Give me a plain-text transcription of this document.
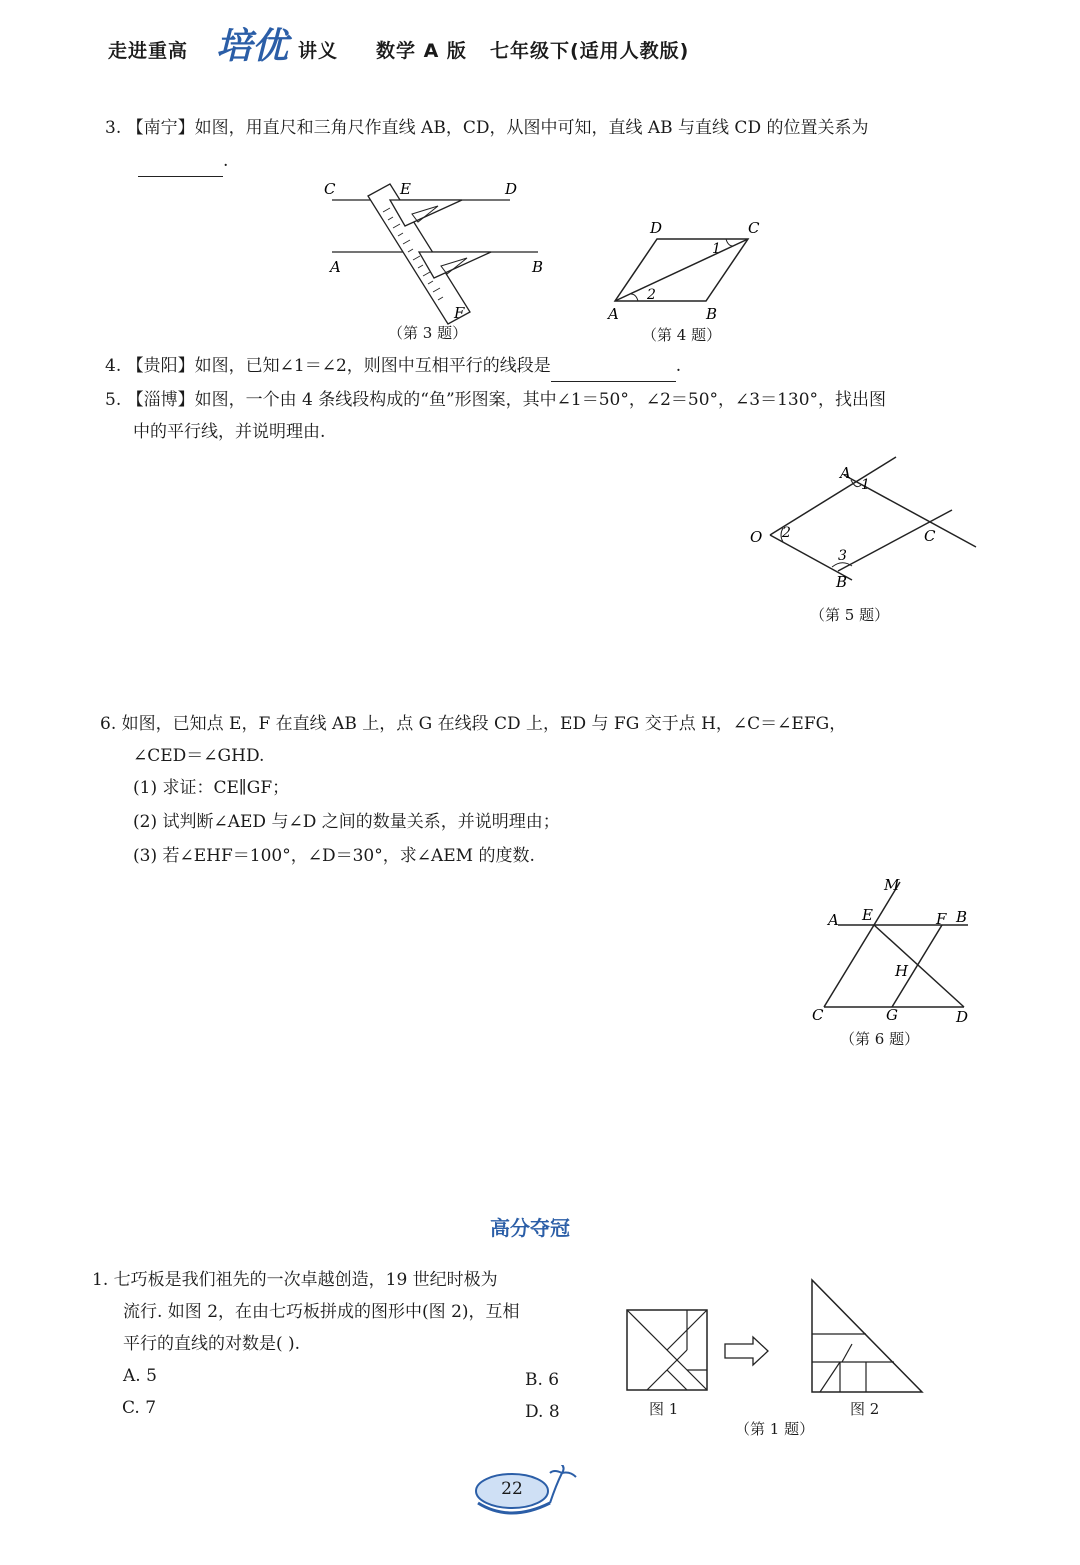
走进重高 培优 讲义 数学 A 版 七年级下(适用人教版)
3. 【南宁】如图，用直尺和三角尺作直线 AB，CD，从图中可知，直线 AB 与直线 CD 的位置关系为
.
C	E	D
A	B
F
（第 3 题）
D	C
A	B
1
2
（第 4 题）
4. 【贵阳】如图，已知∠1＝∠2，则图中互相平行的线段是	.
5. 【淄博】如图，一个由 4 条线段构成的“鱼”形图案，其中∠1＝50°，∠2＝50°，∠3＝130°，找出图
中的平行线，并说明理由.
A
1
O 2	C
3
B
（第 5 题）
6. 如图，已知点 E，F 在直线 AB 上，点 G 在线段 CD 上，ED 与 FG 交于点 H，∠C＝∠EFG，
∠CED＝∠GHD.
(1) 求证：CE∥GF；
(2) 试判断∠AED 与∠D 之间的数量关系，并说明理由；
(3) 若∠EHF＝100°，∠D＝30°，求∠AEM 的度数.
M
A E	F B
H
C	G	D
（第 6 题）
高分夺冠
1. 七巧板是我们祖先的一次卓越创造，19 世纪时极为
流行. 如图 2，在由七巧板拼成的图形中(图 2)，互相
平行的直线的对数是( ).
A. 5	B. 6
C. 7	D. 8	图 1	图 2
（第 1 题）
22
